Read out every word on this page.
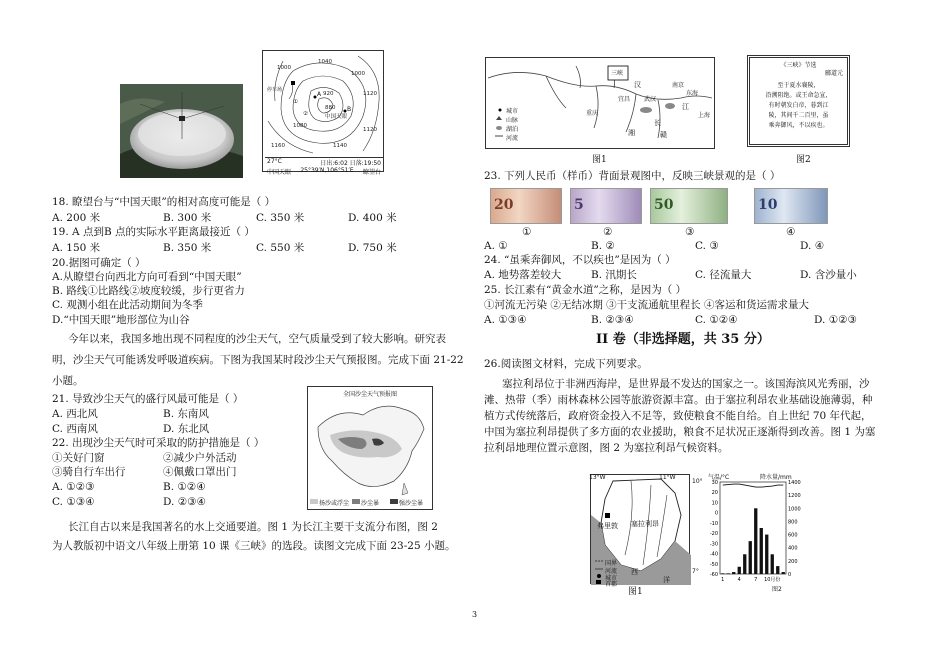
1040
1000
920
880
1120
1120
1000
1080
1160	1140
A
B
中国天眼
停车场
①
②
27°C	日出:6:02 日落:19:50
中国天眼 25°39′N,106°51′E 瞭望台
18. 瞭望台与“中国天眼”的相对高度可能是（ ）
A. 200 米	B. 300 米	C. 350 米	D. 400 米
19. A 点到B 点的实际水平距离最接近（ ）
A. 150 米	B. 350 米	C. 550 米	D. 750 米
20.据图可确定（ ）
A.从瞭望台向西北方向可看到“中国天眼”
B. 路线①比路线②坡度较缓，步行更省力
C. 观测小组在此活动期间为冬季
D.“中国天眼”地形部位为山谷
今年以来，我国多地出现不同程度的沙尘天气，空气质量受到了较大影响。研究表
明，沙尘天气可能诱发呼吸道疾病。下图为我国某时段沙尘天气预报图。完成下面 21-22
小题。
21. 导致沙尘天气的盛行风最可能是（ ）
A. 西北风	B. 东南风
C. 西南风	D. 东北风
22. 出现沙尘天气时可采取的防护措施是（ ）
①关好门窗	②减少户外活动
③骑自行车出行	④佩戴口罩出门
A. ①②③	B. ①②④
C. ①③④	D. ②③④
全国沙尘天气预报图
扬沙或浮尘 沙尘暴	强沙尘暴
长江自古以来是我国著名的水上交通要道。图 1 为长江主要干支流分布图，图 2
为人教版初中语文八年级上册第 10 课《三峡》的选段。读图文完成下面 23-25 小题。
城市
山脉
湖泊
河流
三峡
汉
江
东海
宜昌 武汉
湘	赣
南京
上海
长
重庆
图1
《三峡》节选
郦道元
至于夏水襄陵，
沿溯阻绝。或王命急宣，
有时朝发白帝，暮到江
陵，其间千二百里，虽
乘奔御风，不以疾也。
图2
23. 下列人民币（样币）背面景观图中，反映三峡景观的是（ ）
20	5	50	10
①	②	③	④
A. ①	B. ②	C. ③	D. ④
24. “虽乘奔御风，不以疾也”是因为（ ）
A. 地势落差较大	B. 汛期长	C. 径流量大	D. 含沙量小
25. 长江素有“黄金水道”之称，是因为（ ）
①河流无污染 ②无结冰期 ③干支流通航里程长 ④客运和货运需求量大
A. ①③④	B. ②③④	C. ①②④	D. ①②③
II 卷（非选择题，共 35 分）
26.阅读图文材料，完成下列要求。
塞拉利昂位于非洲西海岸，是世界最不发达的国家之一。该国海滨风光秀丽，沙
滩、热带（季）雨林森林公园等旅游资源丰富。由于塞拉利昂农业基础设施薄弱，种
植方式传统落后，政府资金投入不足等，致使粮食不能自给。自上世纪 70 年代起，
中国为塞拉利昂提供了多方面的农业援助，粮食不足状况正逐渐得到改善。图 1 为塞
拉利昂地理位置示意图，图 2 为塞拉利昂气候资料。
13°W	11°W
弗里敦 塞拉利昂
西
洋
国界
河流
城市
首都
10°
7°
图1
气温/°C	降水量/mm
30
20
10
0
-10
-20
-30
-40
-50
-60
1400
1200
1000
800
600
400
200
0
1	4	7 10月份
图2
3
